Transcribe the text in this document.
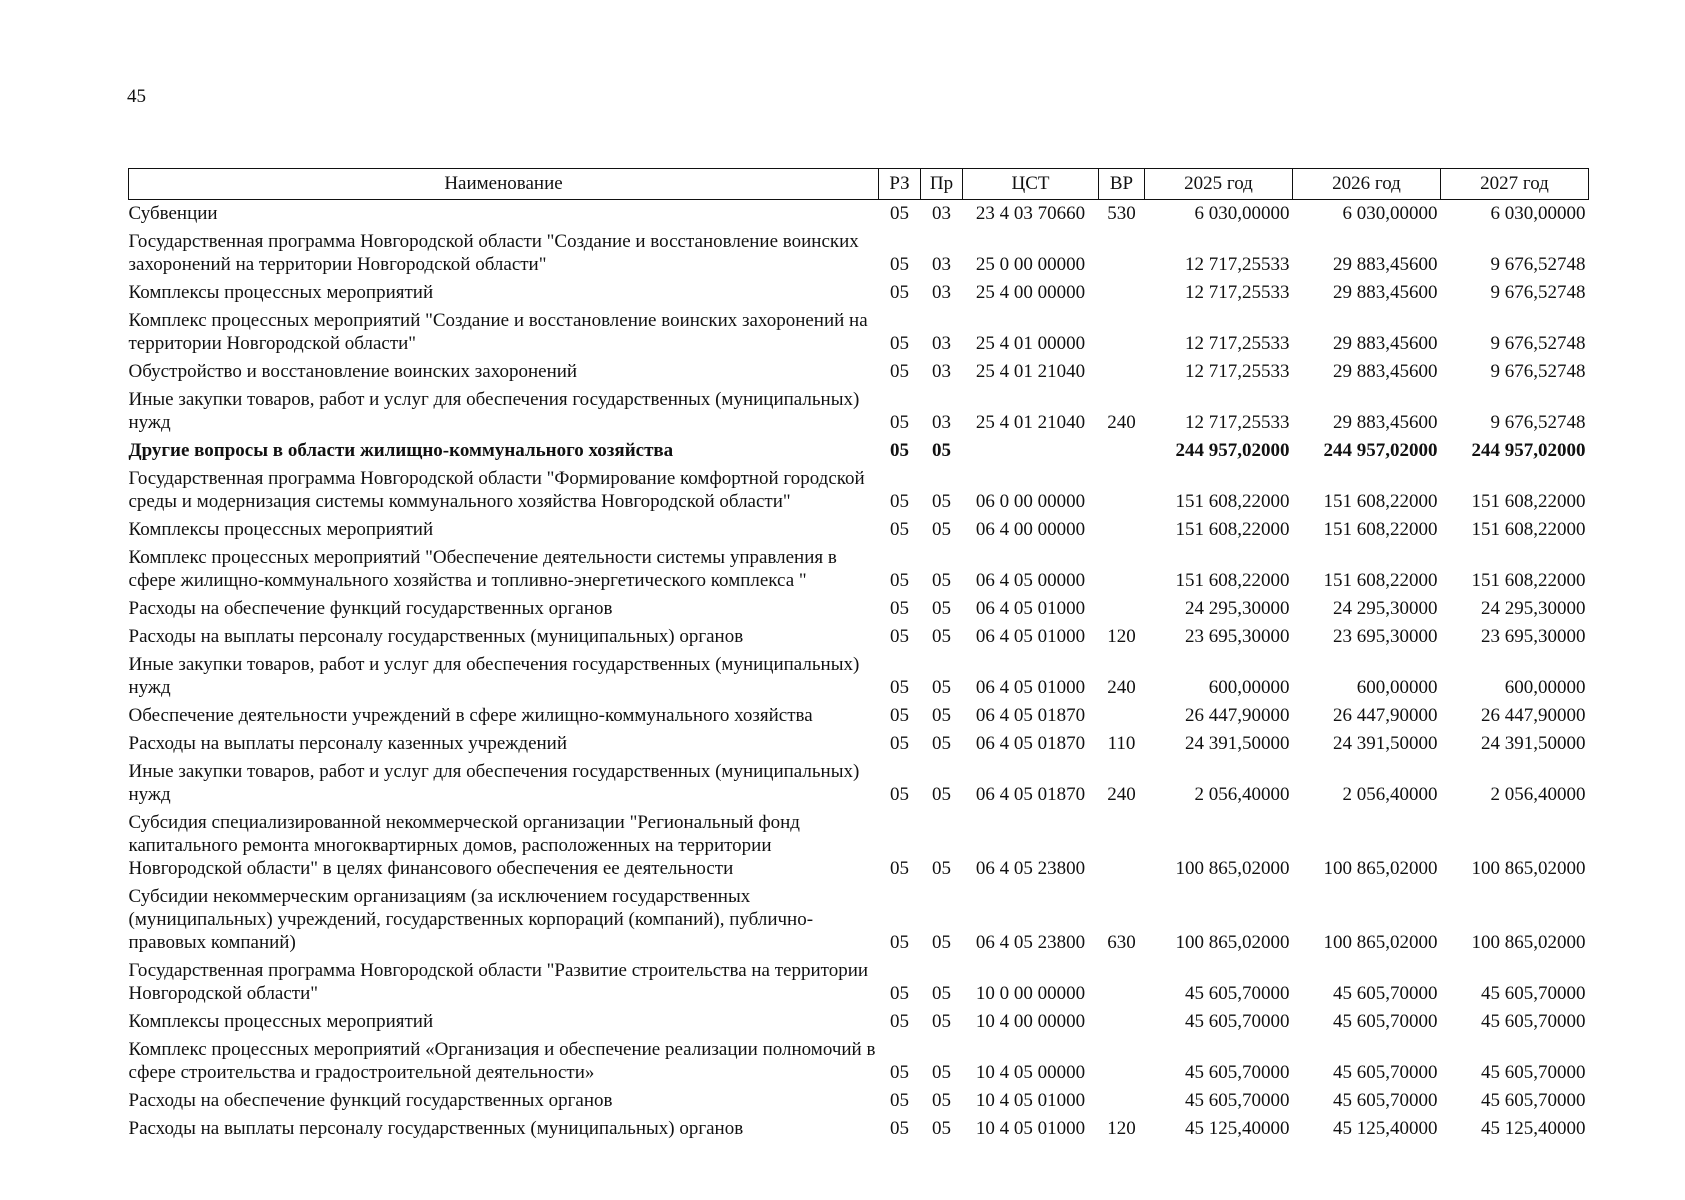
45
Наименование	РЗ	Пр	ЦСТ	ВР	2025 год	2026 год	2027 год
Субвенции	05	03	23 4 03 70660	530	6 030,00000	6 030,00000	6 030,00000
Государственная программа Новгородской области "Создание и восстановление воинских захоронений на территории Новгородской области"	05	03	25 0 00 00000		12 717,25533	29 883,45600	9 676,52748
Комплексы процессных мероприятий	05	03	25 4 00 00000		12 717,25533	29 883,45600	9 676,52748
Комплекс процессных мероприятий "Создание и восстановление воинских захоронений на территории Новгородской области"	05	03	25 4 01 00000		12 717,25533	29 883,45600	9 676,52748
Обустройство и восстановление воинских захоронений	05	03	25 4 01 21040		12 717,25533	29 883,45600	9 676,52748
Иные закупки товаров, работ и услуг для обеспечения государственных (муниципальных) нужд	05	03	25 4 01 21040	240	12 717,25533	29 883,45600	9 676,52748
Другие вопросы в области жилищно-коммунального хозяйства	05	05			244 957,02000	244 957,02000	244 957,02000
Государственная программа Новгородской области "Формирование комфортной городской среды и модернизация системы коммунального хозяйства Новгородской области"	05	05	06 0 00 00000		151 608,22000	151 608,22000	151 608,22000
Комплексы процессных мероприятий	05	05	06 4 00 00000		151 608,22000	151 608,22000	151 608,22000
Комплекс процессных мероприятий "Обеспечение деятельности системы управления в сфере жилищно-коммунального хозяйства и топливно-энергетического комплекса "	05	05	06 4 05 00000		151 608,22000	151 608,22000	151 608,22000
Расходы на обеспечение функций государственных органов	05	05	06 4 05 01000		24 295,30000	24 295,30000	24 295,30000
Расходы на выплаты персоналу государственных (муниципальных) органов	05	05	06 4 05 01000	120	23 695,30000	23 695,30000	23 695,30000
Иные закупки товаров, работ и услуг для обеспечения государственных (муниципальных) нужд	05	05	06 4 05 01000	240	600,00000	600,00000	600,00000
Обеспечение деятельности учреждений в сфере жилищно-коммунального хозяйства	05	05	06 4 05 01870		26 447,90000	26 447,90000	26 447,90000
Расходы на выплаты персоналу казенных учреждений	05	05	06 4 05 01870	110	24 391,50000	24 391,50000	24 391,50000
Иные закупки товаров, работ и услуг для обеспечения государственных (муниципальных) нужд	05	05	06 4 05 01870	240	2 056,40000	2 056,40000	2 056,40000
Субсидия специализированной некоммерческой организации "Региональный фонд капитального ремонта многоквартирных домов, расположенных на территории Новгородской области" в целях финансового обеспечения ее деятельности	05	05	06 4 05 23800		100 865,02000	100 865,02000	100 865,02000
Субсидии некоммерческим организациям (за исключением государственных (муниципальных) учреждений, государственных корпораций (компаний), публично-правовых компаний)	05	05	06 4 05 23800	630	100 865,02000	100 865,02000	100 865,02000
Государственная программа Новгородской области "Развитие строительства на территории Новгородской области"	05	05	10 0 00 00000		45 605,70000	45 605,70000	45 605,70000
Комплексы процессных мероприятий	05	05	10 4 00 00000		45 605,70000	45 605,70000	45 605,70000
Комплекс процессных мероприятий «Организация и обеспечение реализации полномочий в сфере строительства и градостроительной деятельности»	05	05	10 4 05 00000		45 605,70000	45 605,70000	45 605,70000
Расходы на обеспечение функций государственных органов	05	05	10 4 05 01000		45 605,70000	45 605,70000	45 605,70000
Расходы на выплаты персоналу государственных (муниципальных) органов	05	05	10 4 05 01000	120	45 125,40000	45 125,40000	45 125,40000
